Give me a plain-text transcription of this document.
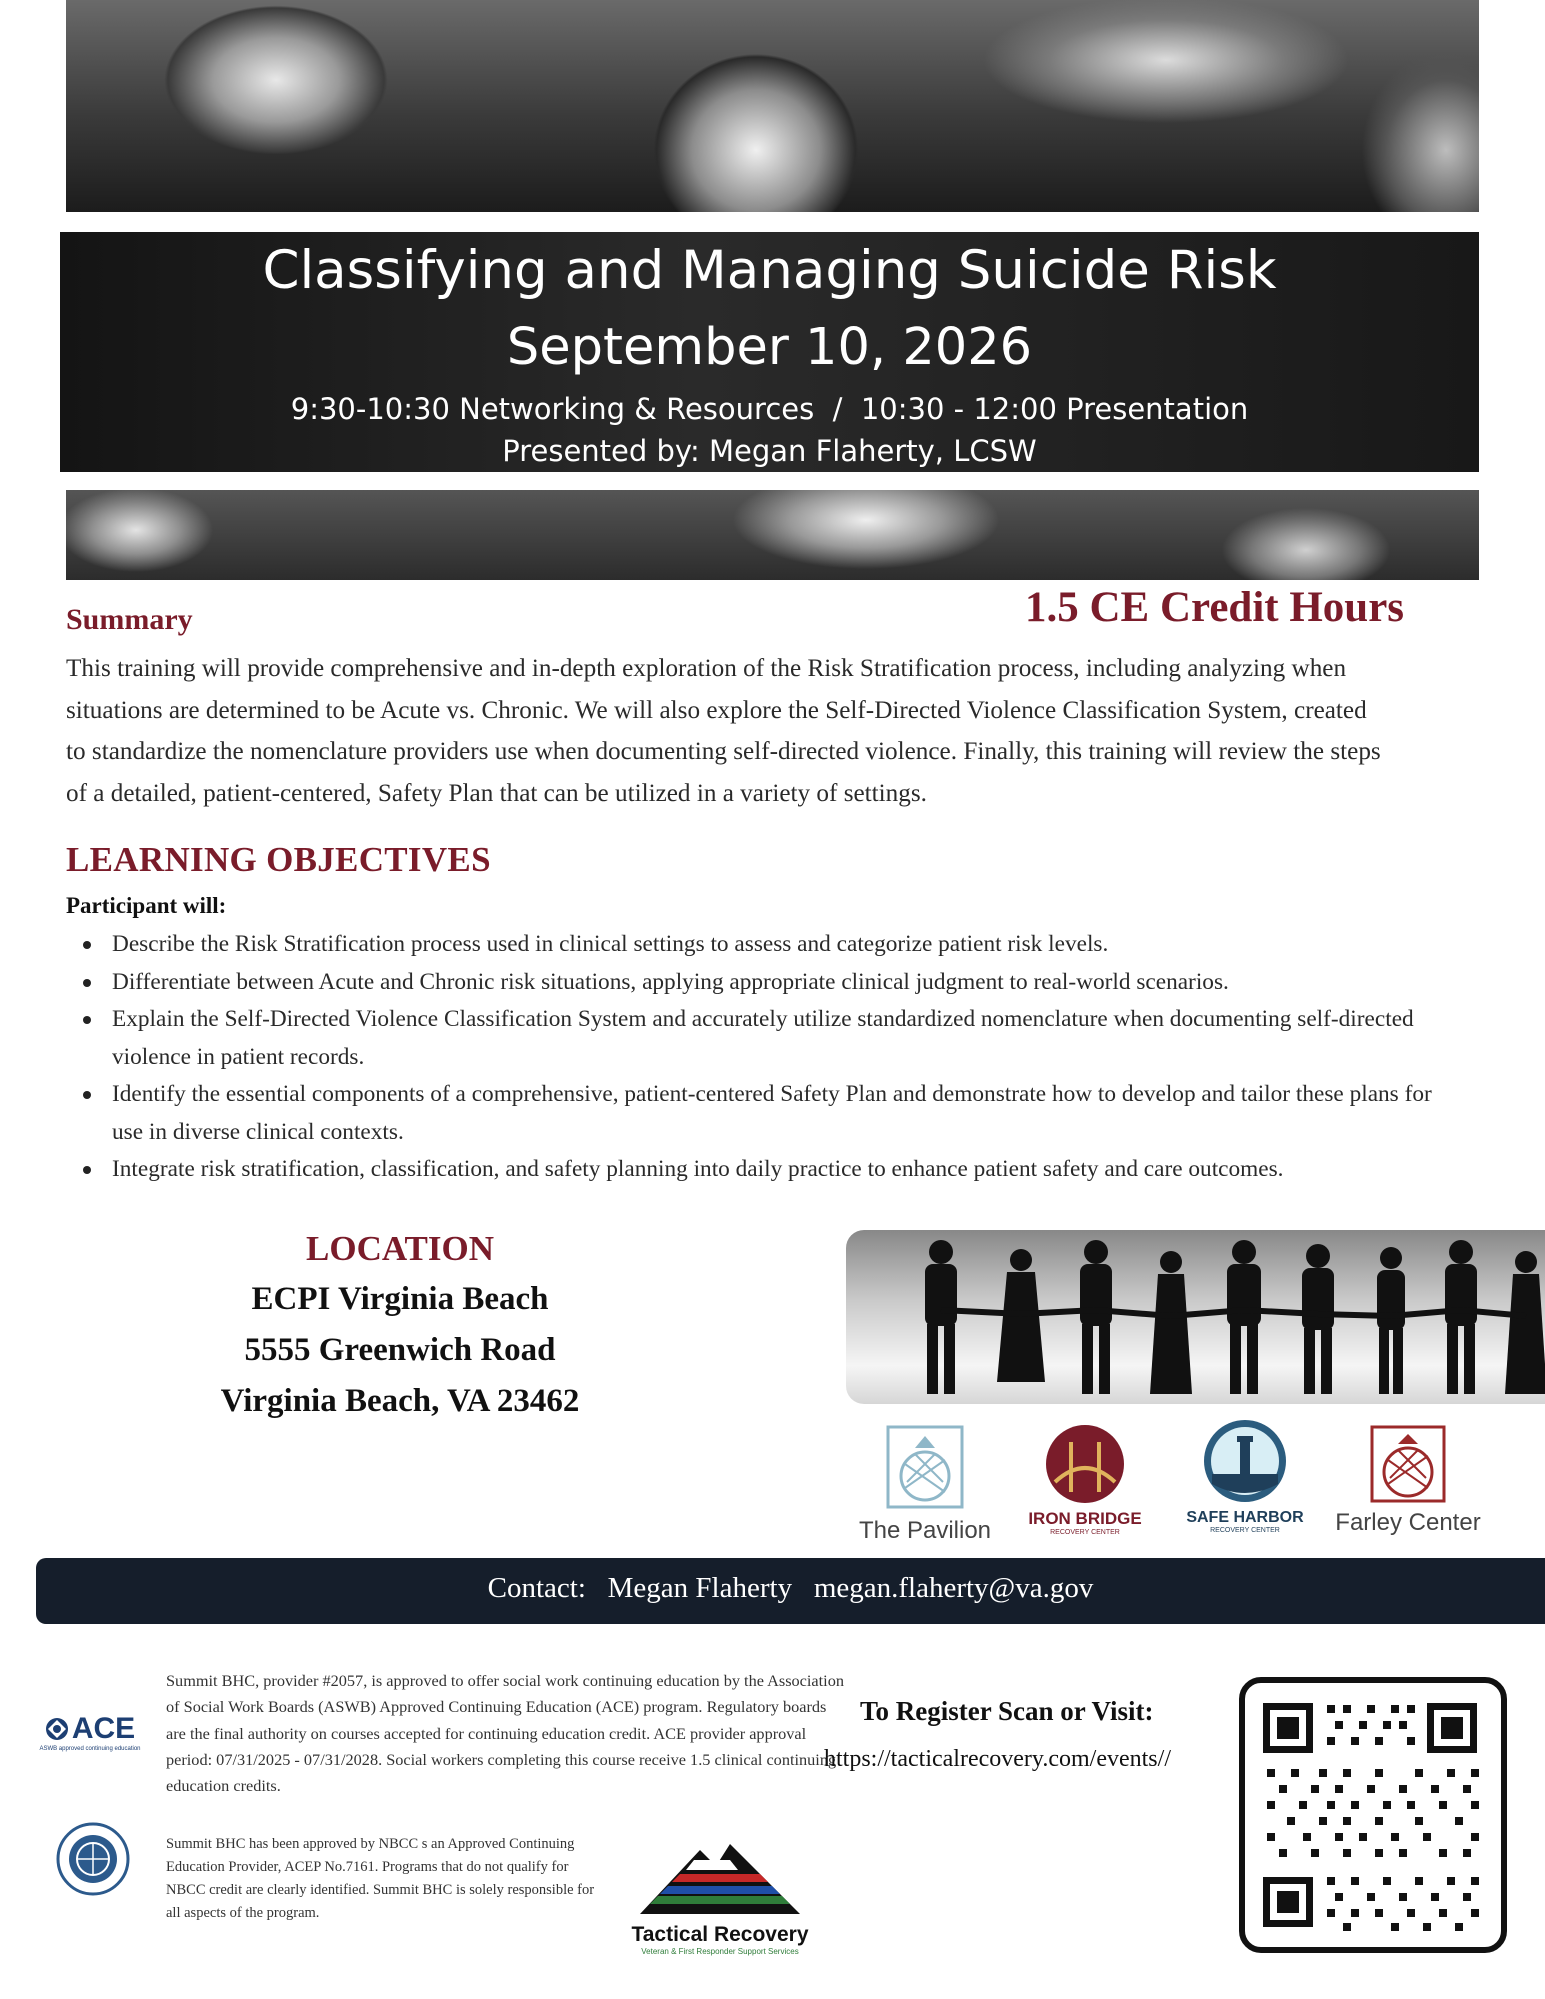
Classifying and Managing Suicide Risk
September 10, 2026
9:30-10:30 Networking & Resources  /  10:30 - 12:00 Presentation
Presented by: Megan Flaherty, LCSW
Summary	1.5 CE Credit Hours
This training will provide comprehensive and in-depth exploration of the Risk Stratification process, including analyzing when
situations are determined to be Acute vs. Chronic. We will also explore the Self-Directed Violence Classification System, created
to standardize the nomenclature providers use when documenting self-directed violence. Finally, this training will review the steps
of a detailed, patient-centered, Safety Plan that can be utilized in a variety of settings.
LEARNING OBJECTIVES
Participant will:
Describe the Risk Stratification process used in clinical settings to assess and categorize patient risk levels.
Differentiate between Acute and Chronic risk situations, applying appropriate clinical judgment to real-world scenarios.
Explain the Self-Directed Violence Classification System and accurately utilize standardized nomenclature when documenting self-directed violence in patient records.
Identify the essential components of a comprehensive, patient-centered Safety Plan and demonstrate how to develop and tailor these plans for use in diverse clinical contexts.
Integrate risk stratification, classification, and safety planning into daily practice to enhance patient safety and care outcomes.
LOCATION
ECPI Virginia Beach
5555 Greenwich Road
Virginia Beach, VA 23462
The Pavilion	IRON BRIDGE
RECOVERY CENTER
SAFE HARBOR
RECOVERY CENTER	Farley Center
Contact: Megan Flaherty megan.flaherty@va.gov
ACE
ASWB approved continuing education
Summit BHC, provider #2057, is approved to offer social work continuing education by the Association of Social Work Boards (ASWB) Approved Continuing Education (ACE) program. Regulatory boards are the final authority on courses accepted for continuing education credit. ACE provider approval period: 07/31/2025 - 07/31/2028. Social workers completing this course receive 1.5 clinical continuing education credits.
Summit BHC has been approved by NBCC s an Approved Continuing Education Provider, ACEP No.7161. Programs that do not qualify for NBCC credit are clearly identified. Summit BHC is solely responsible for all aspects of the program.
Tactical Recovery
Veteran & First Responder Support Services
To Register Scan or Visit:
https://tacticalrecovery.com/events//
